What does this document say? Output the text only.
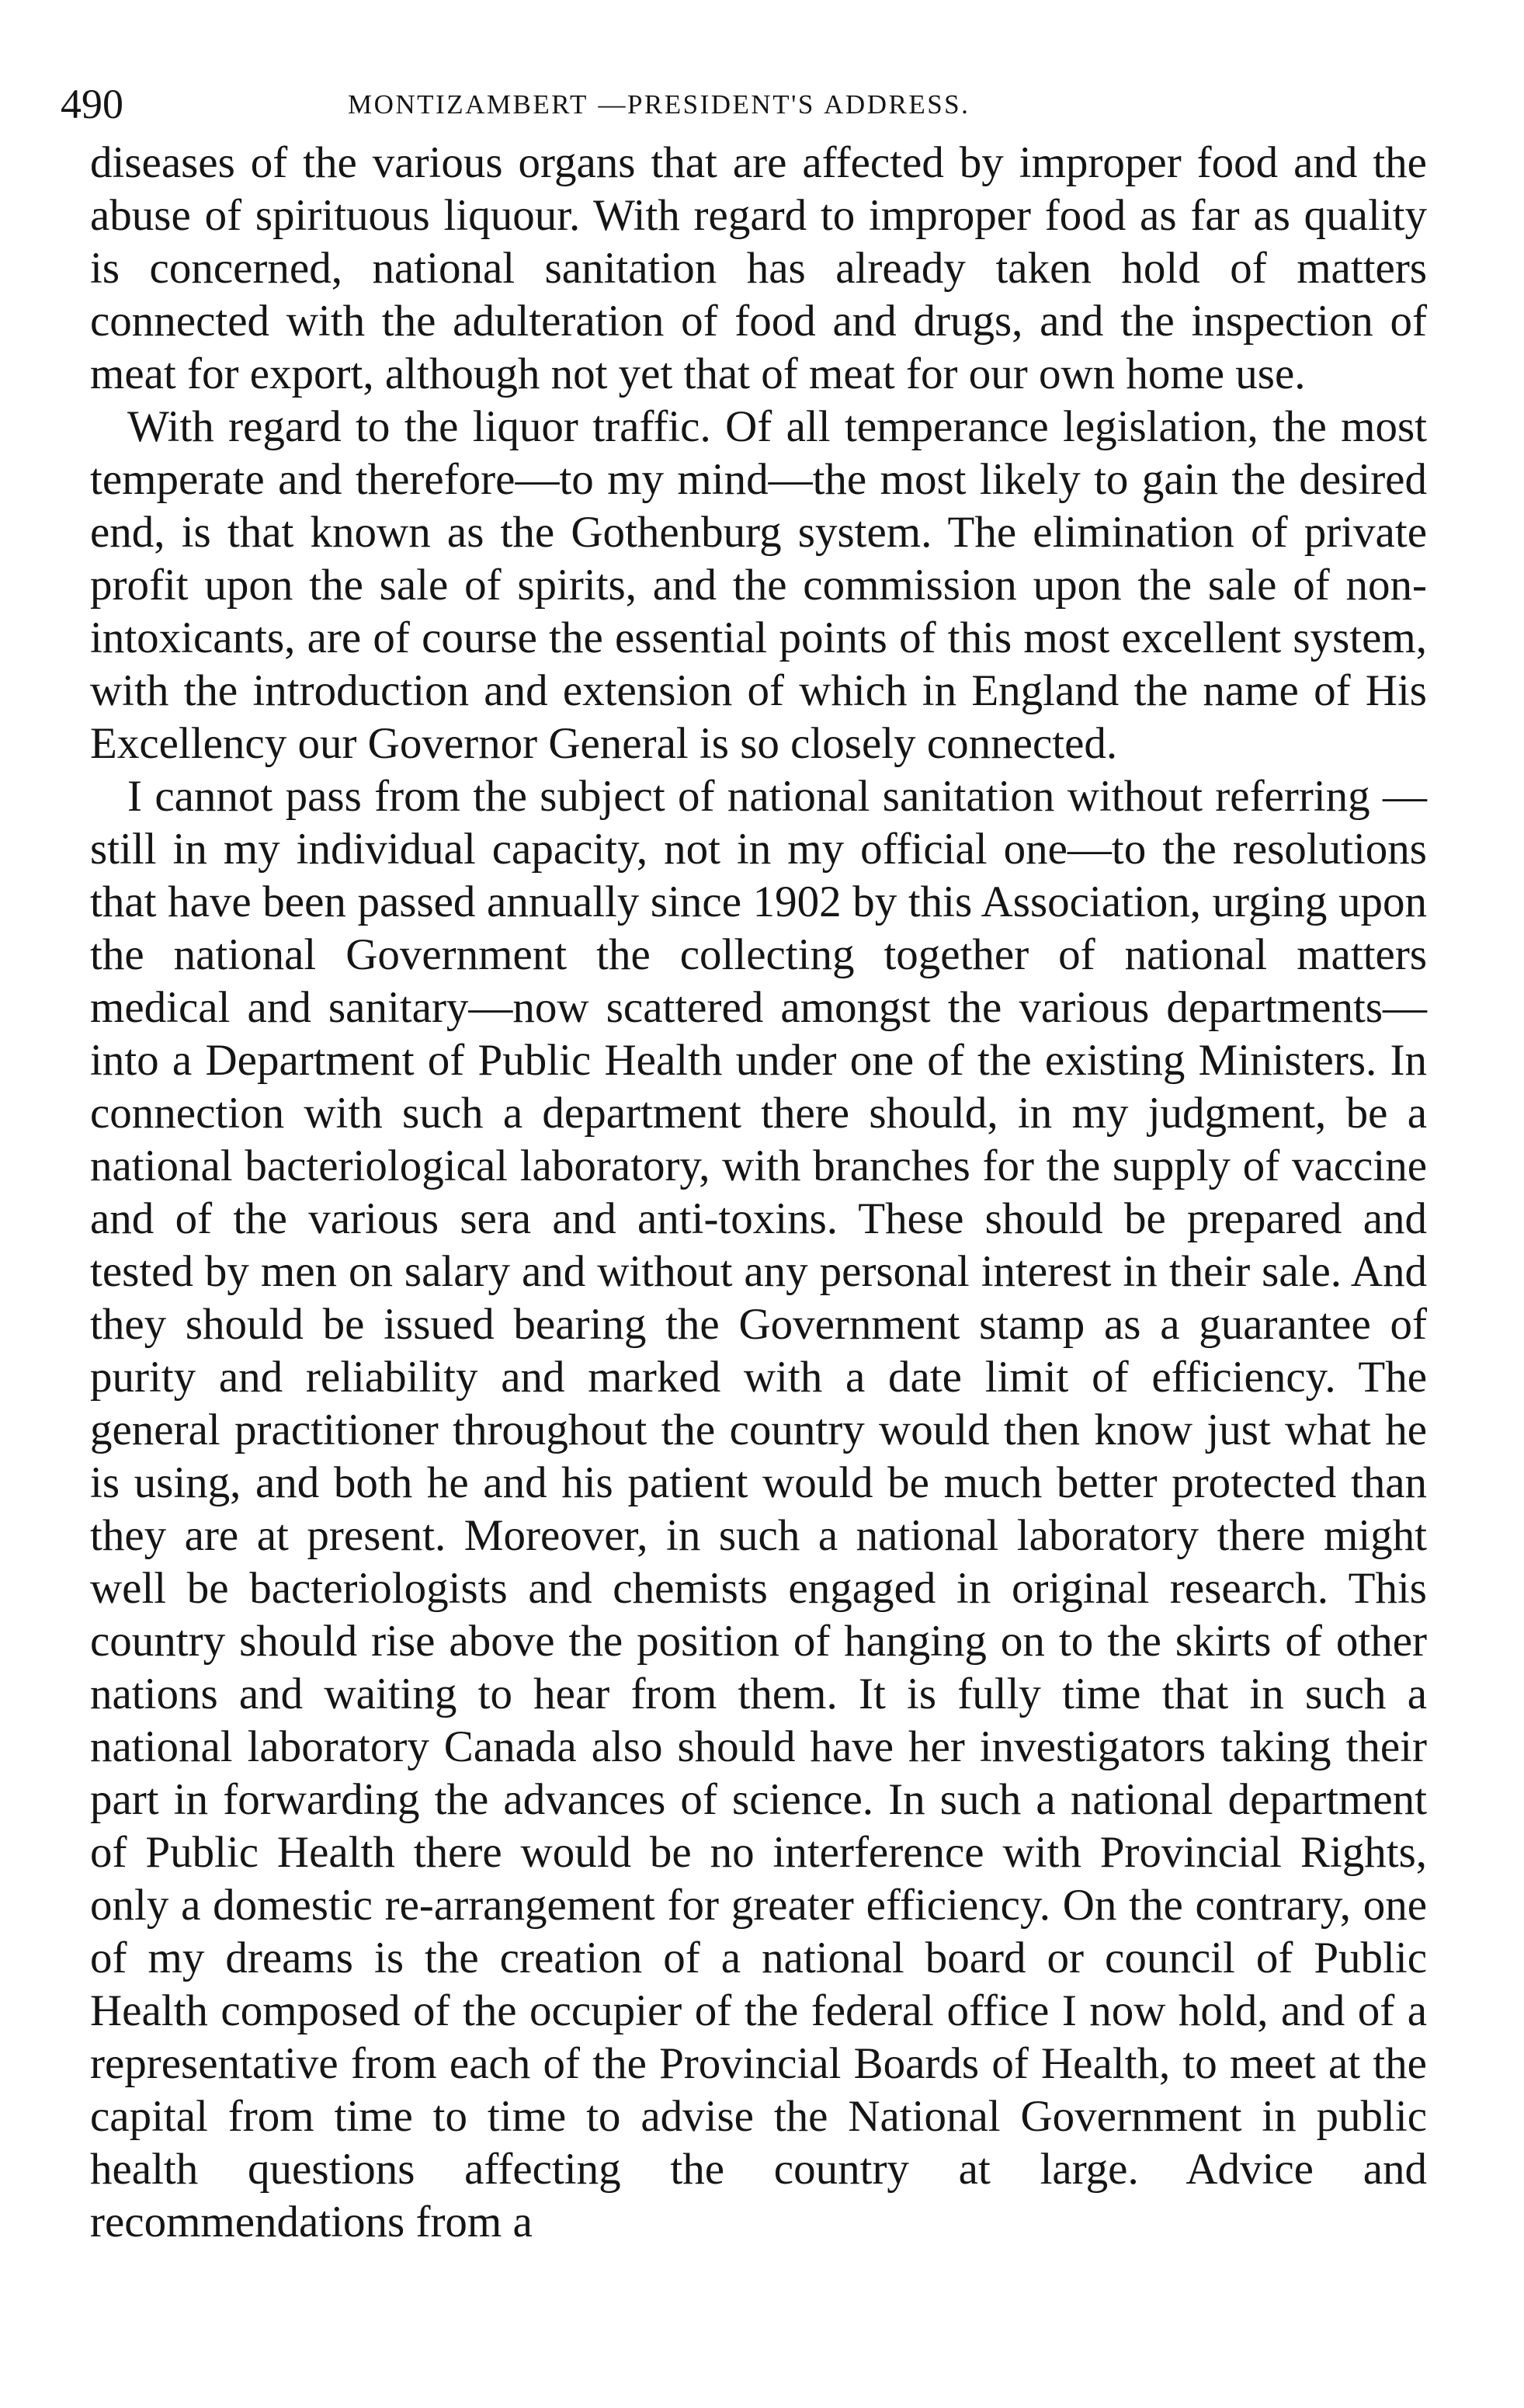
490	MONTIZAMBERT —PRESIDENT'S ADDRESS.

diseases of the various organs that are affected by improper food and the abuse of spirituous liquour. With regard to improper food as far as quality is concerned, national sanitation has already taken hold of matters connected with the adulteration of food and drugs, and the inspection of meat for export, although not yet that of meat for our own home use.

With regard to the liquor traffic. Of all temperance legislation, the most temperate and therefore—to my mind—the most likely to gain the desired end, is that known as the Gothenburg system. The elimination of private profit upon the sale of spirits, and the commission upon the sale of non-intoxicants, are of course the essential points of this most excellent system, with the introduction and extension of which in England the name of His Excellency our Governor General is so closely connected.

I cannot pass from the subject of national sanitation without referring —still in my individual capacity, not in my official one—to the resolutions that have been passed annually since 1902 by this Association, urging upon the national Government the collecting together of national matters medical and sanitary—now scattered amongst the various departments— into a Department of Public Health under one of the existing Ministers. In connection with such a department there should, in my judgment, be a national bacteriological laboratory, with branches for the supply of vaccine and of the various sera and anti-toxins. These should be prepared and tested by men on salary and without any personal interest in their sale. And they should be issued bearing the Government stamp as a guarantee of purity and reliability and marked with a date limit of efficiency. The general practitioner throughout the country would then know just what he is using, and both he and his patient would be much better protected than they are at present. Moreover, in such a national laboratory there might well be bacteriologists and chemists engaged in original research. This country should rise above the position of hanging on to the skirts of other nations and waiting to hear from them. It is fully time that in such a national laboratory Canada also should have her investigators taking their part in forwarding the advances of science. In such a national department of Public Health there would be no interference with Provincial Rights, only a domestic re-arrangement for greater efficiency. On the contrary, one of my dreams is the creation of a national board or council of Public Health composed of the occupier of the federal office I now hold, and of a representative from each of the Provincial Boards of Health, to meet at the capital from time to time to advise the National Government in public health questions affecting the country at large. Advice and recommendations from a
